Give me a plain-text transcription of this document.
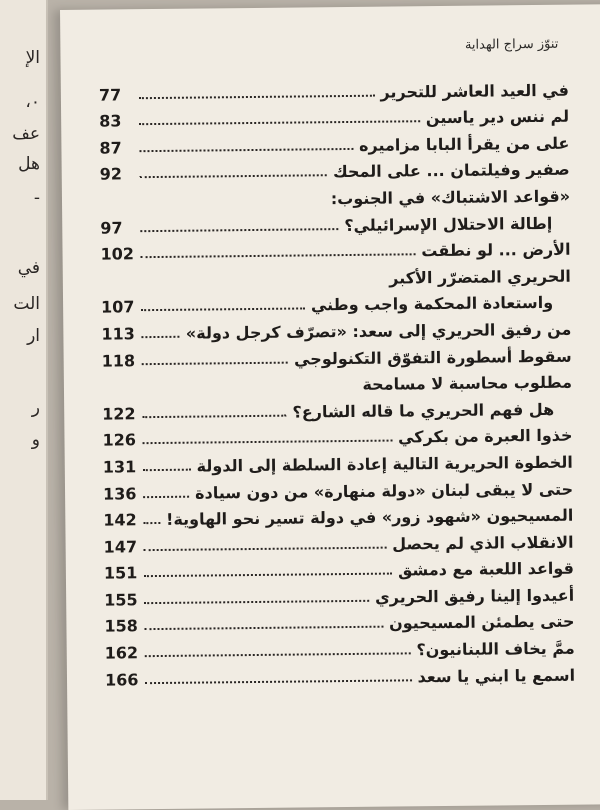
الإ
٠،
عف
هل
-
في
الت
ار
ر
و
تنوّز سراج الهداية
في العيد العاشر للتحرير
77
لم ننس دير ياسين
83
على من يقرأ البابا مزاميره
87
صفير وفيلتمان ... على المحك
92
«قواعد الاشتباك» في الجنوب:
إطالة الاحتلال الإسرائيلي؟
97
الأرض ... لو نطقت
102
الحريري المتضرّر الأكبر
واستعادة المحكمة واجب وطني
107
من رفيق الحريري إلى سعد: «تصرّف كرجل دولة»
113
سقوط أسطورة التفوّق التكنولوجي
118
مطلوب محاسبة لا مسامحة
هل فهم الحريري ما قاله الشارع؟
122
خذوا العبرة من بكركي
126
الخطوة الحريرية التالية إعادة السلطة إلى الدولة
131
حتى لا يبقى لبنان «دولة منهارة» من دون سيادة
136
المسيحيون «شهود زور» في دولة تسير نحو الهاوية!
142
الانقلاب الذي لم يحصل
147
قواعد اللعبة مع دمشق
151
أعيدوا إلينا رفيق الحريري
155
حتى يطمئن المسيحيون
158
ممَّ يخاف اللبنانيون؟
162
اسمع يا ابني يا سعد
166
